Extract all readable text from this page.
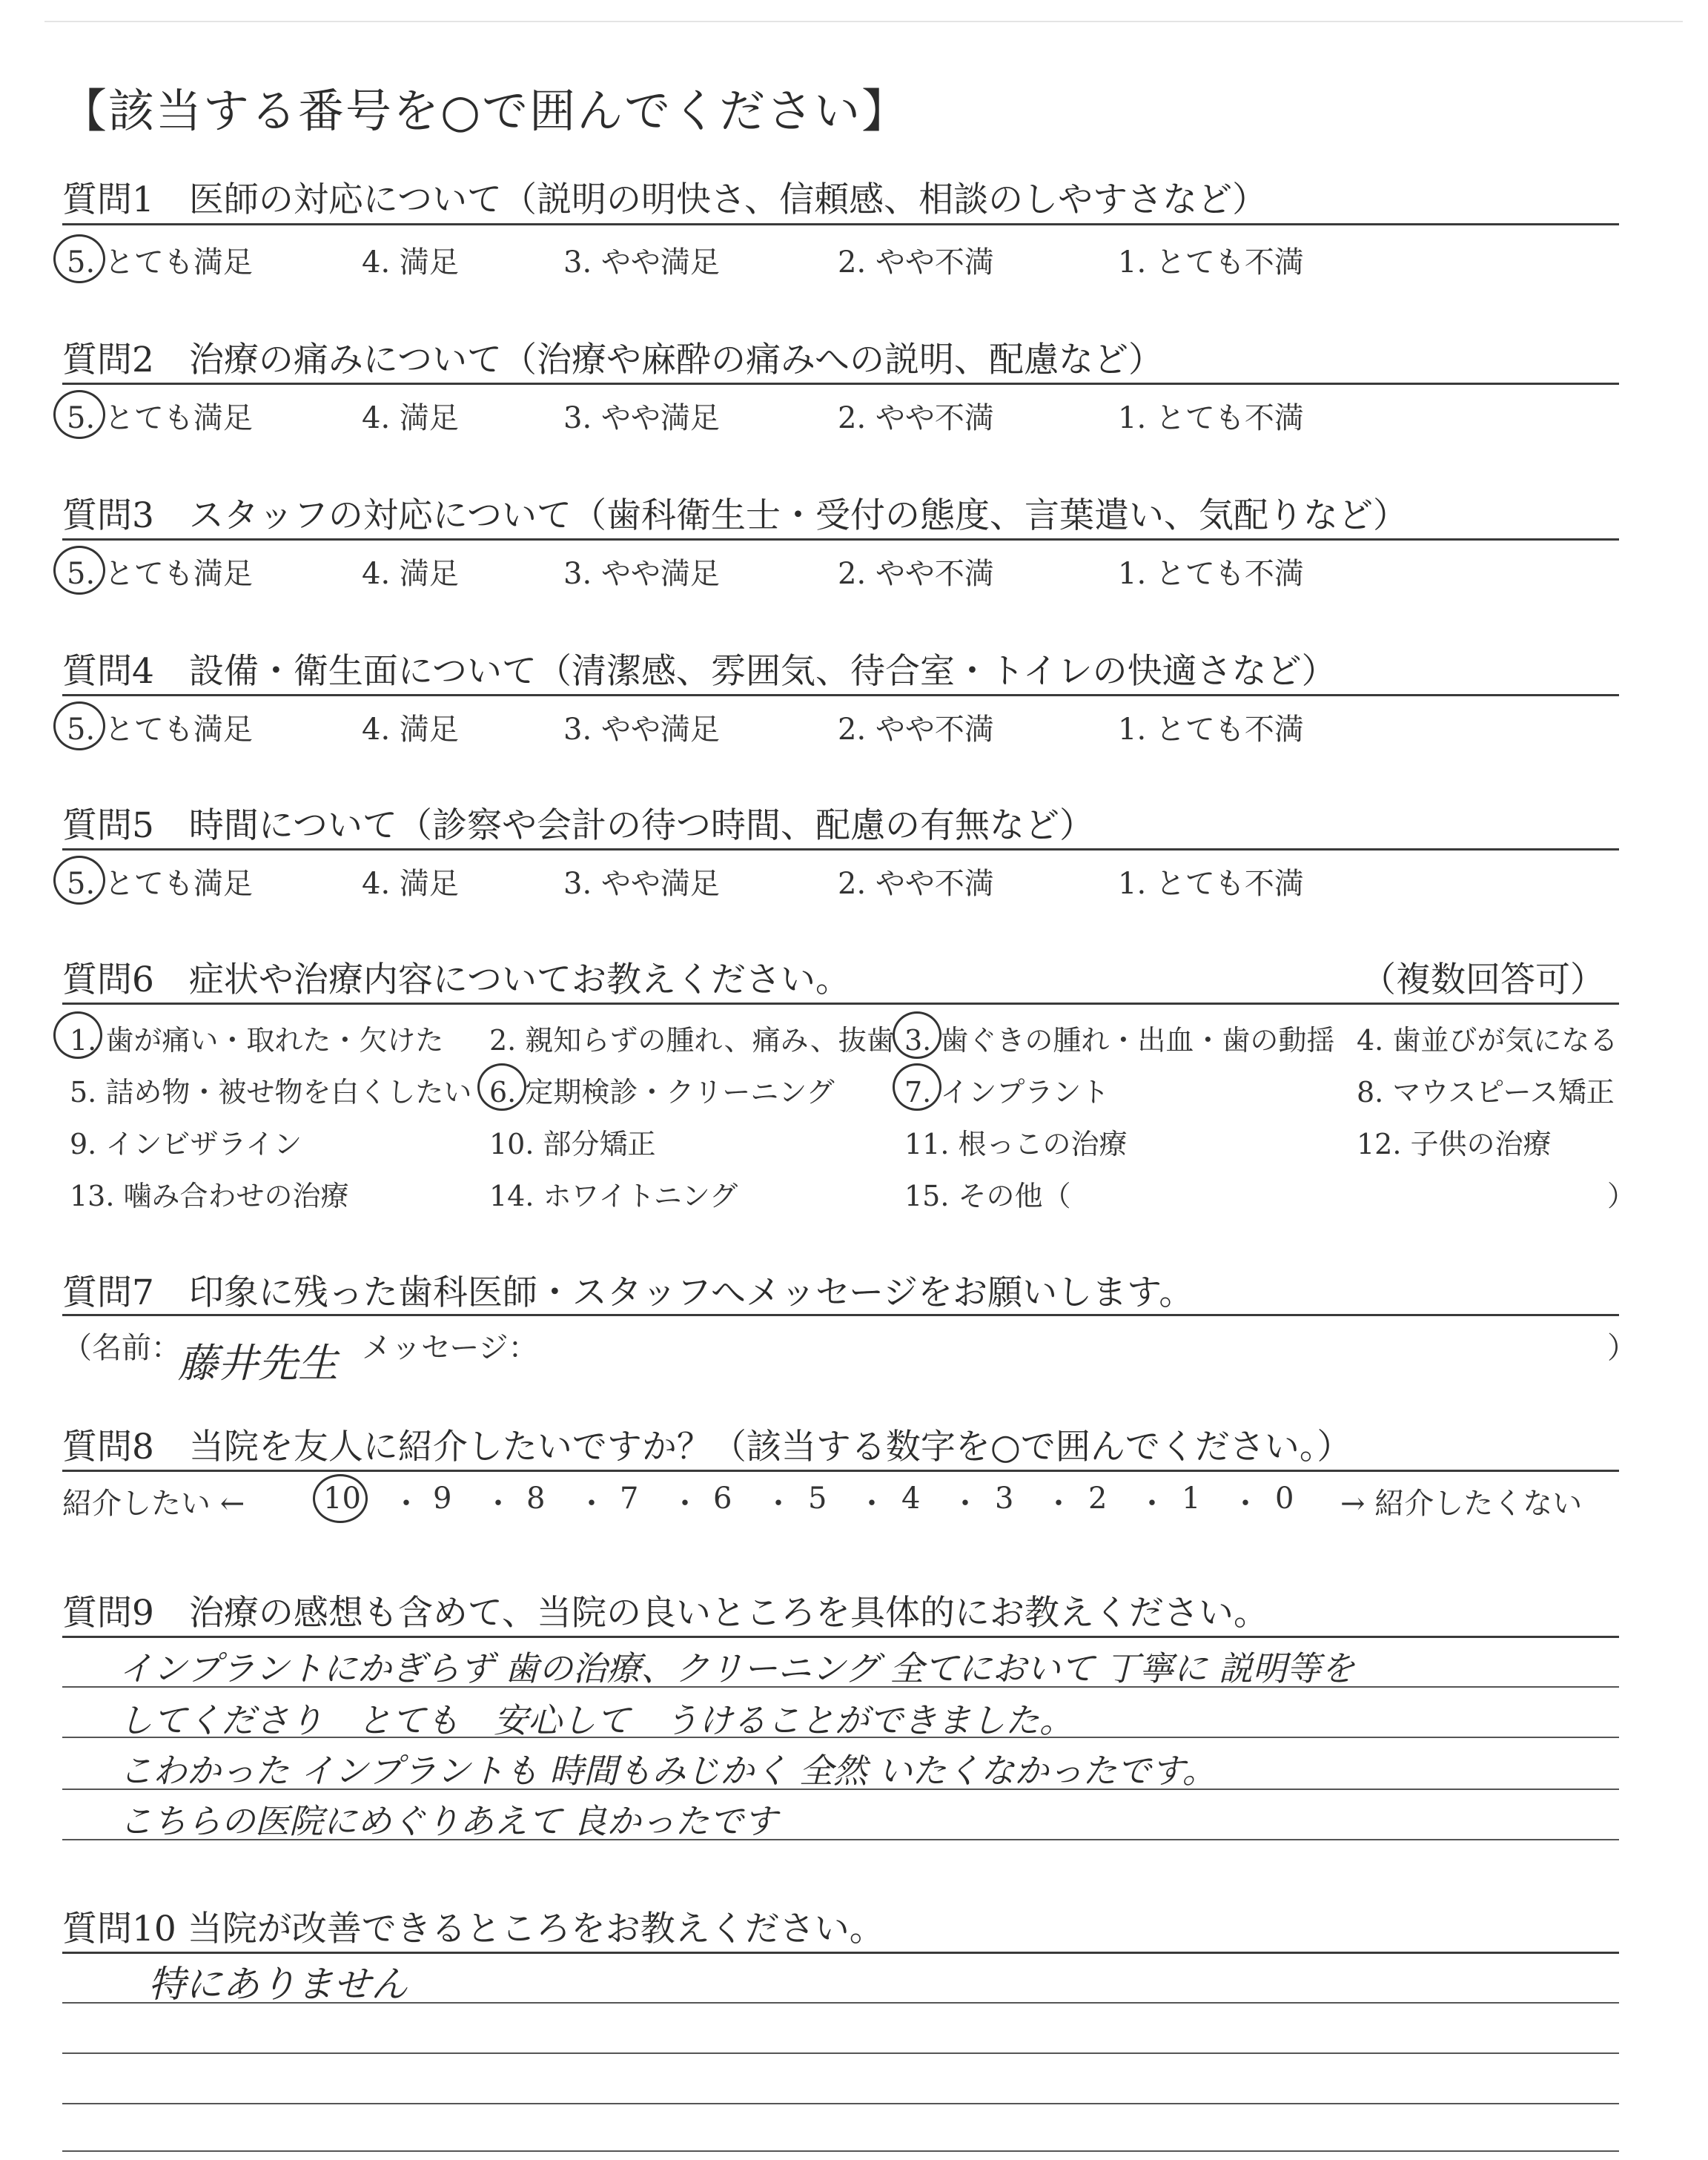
【該当する番号を○で囲んでください】
質問1　医師の対応について（説明の明快さ、信頼感、相談のしやすさなど）
5. とても満足	4. 満足	3. やや満足	2. やや不満	1. とても不満
質問2　治療の痛みについて（治療や麻酔の痛みへの説明、配慮など）
5. とても満足	4. 満足	3. やや満足	2. やや不満	1. とても不満
質問3　スタッフの対応について（歯科衛生士・受付の態度、言葉遣い、気配りなど）
5. とても満足	4. 満足	3. やや満足	2. やや不満	1. とても不満
質問4　設備・衛生面について（清潔感、雰囲気、待合室・トイレの快適さなど）
5. とても満足	4. 満足	3. やや満足	2. やや不満	1. とても不満
質問5　時間について（診察や会計の待つ時間、配慮の有無など）
5. とても満足	4. 満足	3. やや満足	2. やや不満	1. とても不満
質問6　症状や治療内容についてお教えください。	（複数回答可）
1. 歯が痛い・取れた・欠けた 2. 親知らずの腫れ、痛み、抜歯 3. 歯ぐきの腫れ・出血・歯の動揺 4. 歯並びが気になる
5. 詰め物・被せ物を白くしたい 6. 定期検診・クリーニング 7. インプラント	8. マウスピース矯正
9. インビザライン	10. 部分矯正	11. 根っこの治療	12. 子供の治療
13. 噛み合わせの治療	14. ホワイトニング	15. その他（	）
質問7　印象に残った歯科医師・スタッフへメッセージをお願いします。
（名前：
藤井先生 メッセージ：	）
質問8　当院を友人に紹介したいですか？（該当する数字を○で囲んでください。）
紹介したい ←	10 ・ 9 ・ 8 ・ 7 ・ 6 ・ 5 ・ 4 ・ 3 ・ 2 ・ 1 ・ 0 → 紹介したくない
質問9　治療の感想も含めて、当院の良いところを具体的にお教えください。
インプラントにかぎらず 歯の治療、クリーニング 全てにおいて 丁寧に 説明等を
してくださり　とても　安心して　うけることができました。
こわかった インプラントも 時間もみじかく 全然 いたくなかったです。
こちらの医院にめぐりあえて 良かったです
質問10 当院が改善できるところをお教えください。
特にありません
